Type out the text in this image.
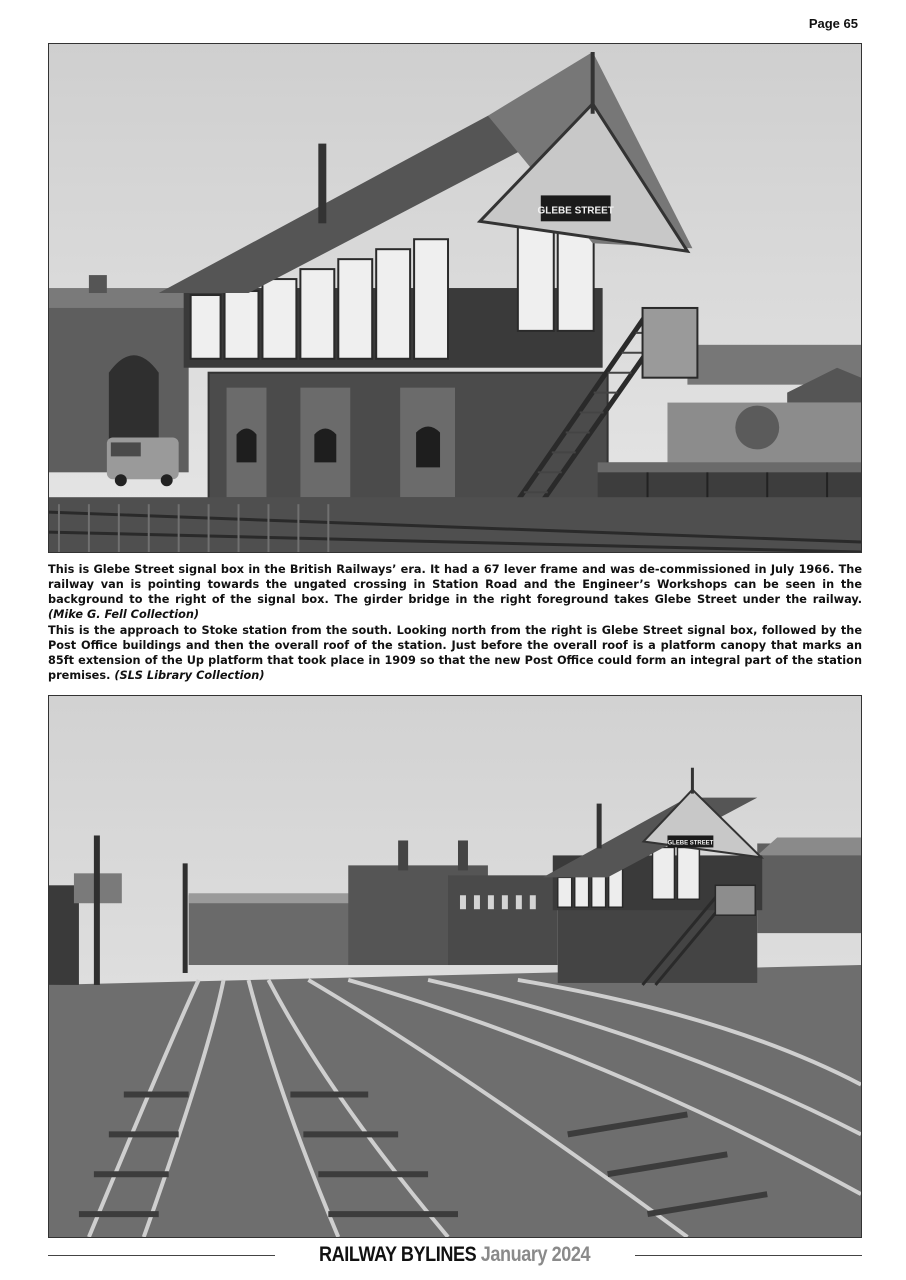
Page 65
GLEBE STREET
This is Glebe Street signal box in the British Railways’ era. It had a 67 lever frame and was de-commissioned in July 1966. The railway van is pointing towards the ungated crossing in Station Road and the Engineer’s Workshops can be seen in the background to the right of the signal box. The girder bridge in the right foreground takes Glebe Street under the railway. (Mike G. Fell Collection)
This is the approach to Stoke station from the south. Looking north from the right is Glebe Street signal box, followed by the Post Office buildings and then the overall roof of the station. Just before the overall roof is a platform canopy that marks an 85ft extension of the Up platform that took place in 1909 so that the new Post Office could form an integral part of the station premises. (SLS Library Collection)
GLEBE STREET
RAILWAY BYLINES January 2024
